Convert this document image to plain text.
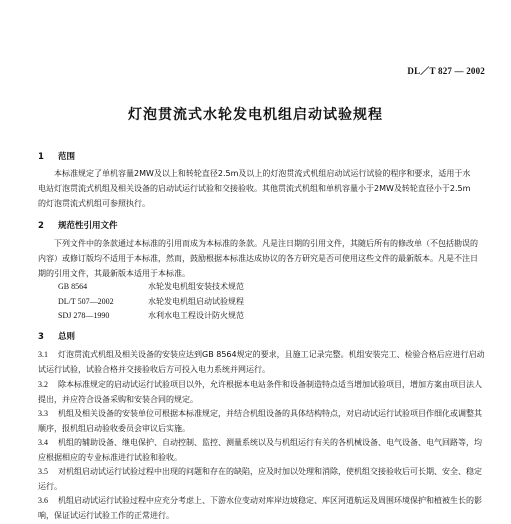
DL／T 827 — 2002
灯泡贯流式水轮发电机组启动试验规程
1 范围
本标准规定了单机容量2MW及以上和转轮直径2.5m及以上的灯泡贯流式机组启动试运行试验的程序和要求，适用于水电站灯泡贯流式机组及相关设备的启动试运行试验和交接验收。其他贯流式机组和单机容量小于2MW及转轮直径小于2.5m的灯泡贯流式机组可参照执行。
2 规范性引用文件
下列文件中的条款通过本标准的引用而成为本标准的条款。凡是注日期的引用文件，其随后所有的修改单（不包括勘误的内容）或修订版均不适用于本标准，然而，鼓励根据本标准达成协议的各方研究是否可使用这些文件的最新版本。凡是不注日期的引用文件，其最新版本适用于本标准。
GB 8564	水轮发电机组安装技术规范
DL/T 507—2002	水轮发电机组启动试验规程
SDJ 278—1990	水利水电工程设计防火规范
3 总则
3.1 灯泡贯流式机组及相关设备的安装应达到GB 8564规定的要求，且施工记录完整。机组安装完工、检验合格后应进行启动试运行试验，试验合格并交接验收后方可投入电力系统并网运行。
3.2 除本标准规定的启动试运行试验项目以外，允许根据本电站条件和设备制造特点适当增加试验项目，增加方案由项目法人提出，并应符合设备采购和安装合同的规定。
3.3 机组及相关设备的安装单位可根据本标准规定，并结合机组设备的具体结构特点，对启动试运行试验项目作细化或调整其顺序，报机组启动验收委员会审议后实施。
3.4 机组的辅助设备、继电保护、自动控制、监控、测量系统以及与机组运行有关的各机械设备、电气设备、电气回路等，均应根据相应的专业标准进行试验和验收。
3.5 对机组启动试运行试验过程中出现的问题和存在的缺陷，应及时加以处理和消除，使机组交接验收后可长期、安全、稳定运行。
3.6 机组启动试运行试验过程中应充分考虑上、下游水位变动对库岸边坡稳定、库区河道航运及周围环境保护和植被生长的影响，保证试运行试验工作的正常进行。
